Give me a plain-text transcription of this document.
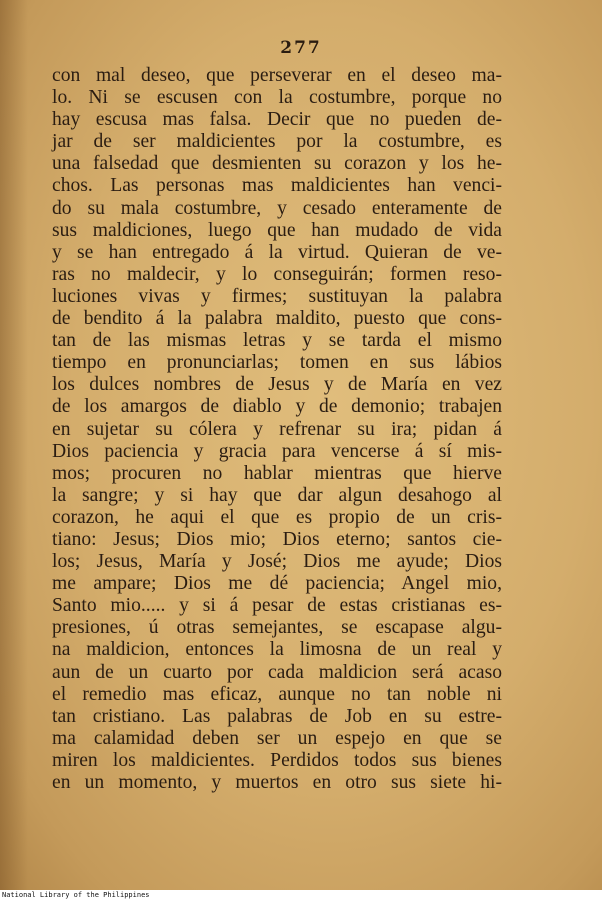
277
con mal deseo, que perseverar en el deseo ma-
lo. Ni se escusen con la costumbre, porque no
hay escusa mas falsa. Decir que no pueden de-
jar de ser maldicientes por la costumbre, es
una falsedad que desmienten su corazon y los he-
chos. Las personas mas maldicientes han venci-
do su mala costumbre, y cesado enteramente de
sus maldiciones, luego que han mudado de vida
y se han entregado á la virtud. Quieran de ve-
ras no maldecir, y lo conseguirán; formen reso-
luciones vivas y firmes; sustituyan la palabra
de bendito á la palabra maldito, puesto que cons-
tan de las mismas letras y se tarda el mismo
tiempo en pronunciarlas; tomen en sus lábios
los dulces nombres de Jesus y de María en vez
de los amargos de diablo y de demonio; trabajen
en sujetar su cólera y refrenar su ira; pidan á
Dios paciencia y gracia para vencerse á sí mis-
mos; procuren no hablar mientras que hierve
la sangre; y si hay que dar algun desahogo al
corazon, he aqui el que es propio de un cris-
tiano: Jesus; Dios mio; Dios eterno; santos cie-
los; Jesus, María y José; Dios me ayude; Dios
me ampare; Dios me dé paciencia; Angel mio,
Santo mio..... y si á pesar de estas cristianas es-
presiones, ú otras semejantes, se escapase algu-
na maldicion, entonces la limosna de un real y
aun de un cuarto por cada maldicion será acaso
el remedio mas eficaz, aunque no tan noble ni
tan cristiano. Las palabras de Job en su estre-
ma calamidad deben ser un espejo en que se
miren los maldicientes. Perdidos todos sus bienes
en un momento, y muertos en otro sus siete hi-
National Library of the Philippines
